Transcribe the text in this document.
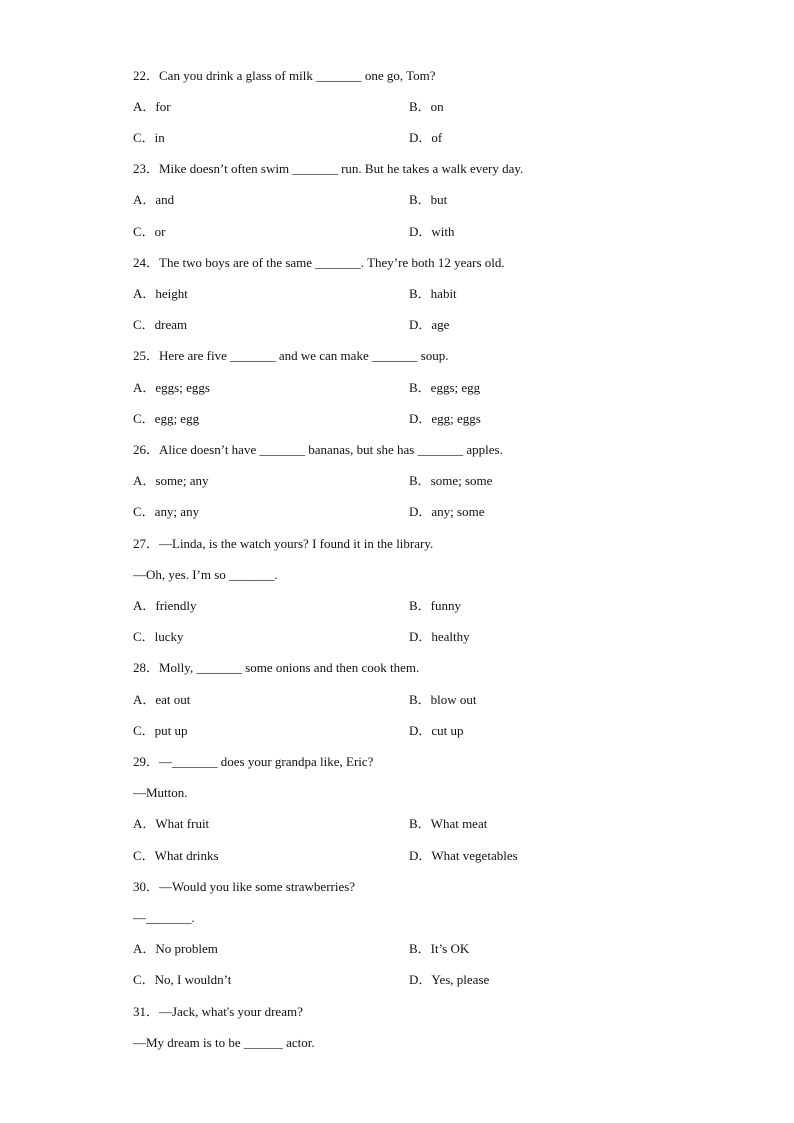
22．Can you drink a glass of milk _______ one go, Tom?
A．for	B．on
C．in	D．of
23．Mike doesn’t often swim _______ run. But he takes a walk every day.
A．and	B．but
C．or	D．with
24．The two boys are of the same _______. They’re both 12 years old.
A．height	B．habit
C．dream	D．age
25．Here are five _______ and we can make _______ soup.
A．eggs; eggs	B．eggs; egg
C．egg; egg	D．egg; eggs
26．Alice doesn’t have _______ bananas, but she has _______ apples.
A．some; any	B．some; some
C．any; any	D．any; some
27．—Linda, is the watch yours? I found it in the library.
—Oh, yes. I’m so _______.
A．friendly	B．funny
C．lucky	D．healthy
28．Molly, _______ some onions and then cook them.
A．eat out	B．blow out
C．put up	D．cut up
29．—_______ does your grandpa like, Eric?
—Mutton.
A．What fruit	B．What meat
C．What drinks	D．What vegetables
30．—Would you like some strawberries?
—_______.
A．No problem	B．It’s OK
C．No, I wouldn’t	D．Yes, please
31．—Jack, what's your dream?
—My dream is to be ______ actor.
